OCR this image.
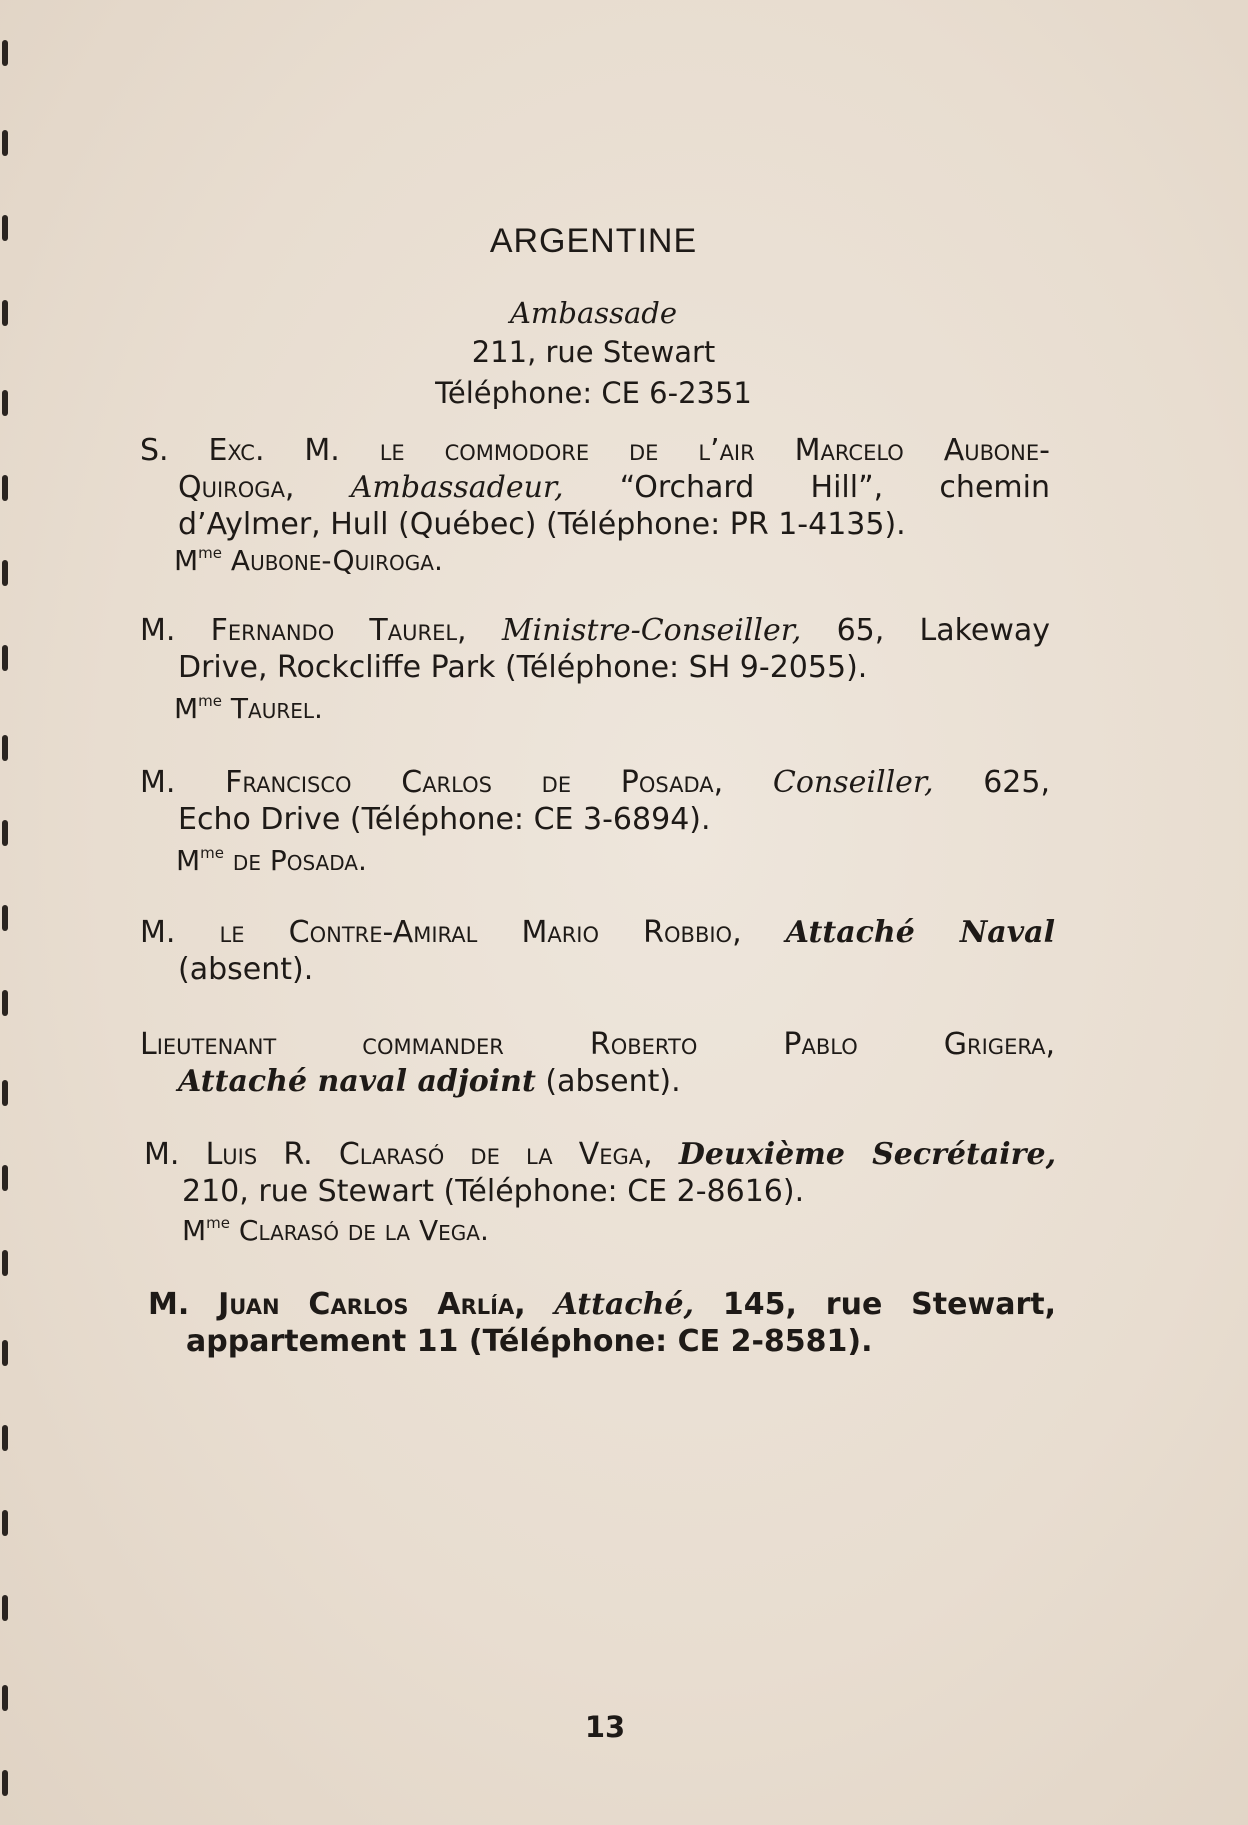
ARGENTINE
Ambassade
211, rue Stewart
Téléphone: CE 6-2351
S. Exc. M. le commodore de l’air Marcelo Aubone-
Quiroga, Ambassadeur, “Orchard Hill”, chemin
d’Aylmer, Hull (Québec) (Téléphone: PR 1-4135).
$M^{me}$ Aubone-Quiroga.
M. Fernando Taurel, Ministre-Conseiller, 65, Lakeway
Drive, Rockcliffe Park (Téléphone: SH 9-2055).
$M^{me}$ Taurel.
M. Francisco Carlos de Posada, Conseiller, 625,
Echo Drive (Téléphone: CE 3-6894).
$M^{me}$ de Posada.
M. le Contre-Amiral Mario Robbio, Attaché Naval
(absent).
Lieutenant commander Roberto Pablo Grigera,
Attaché naval adjoint (absent).
M. Luis R. Clarasó de la Vega, Deuxième Secrétaire,
210, rue Stewart (Téléphone: CE 2-8616).
$M^{me}$ Clarasó de la Vega.
M. Juan Carlos Arlía, Attaché, 145, rue Stewart,
appartement 11 (Téléphone: CE 2-8581).
13
